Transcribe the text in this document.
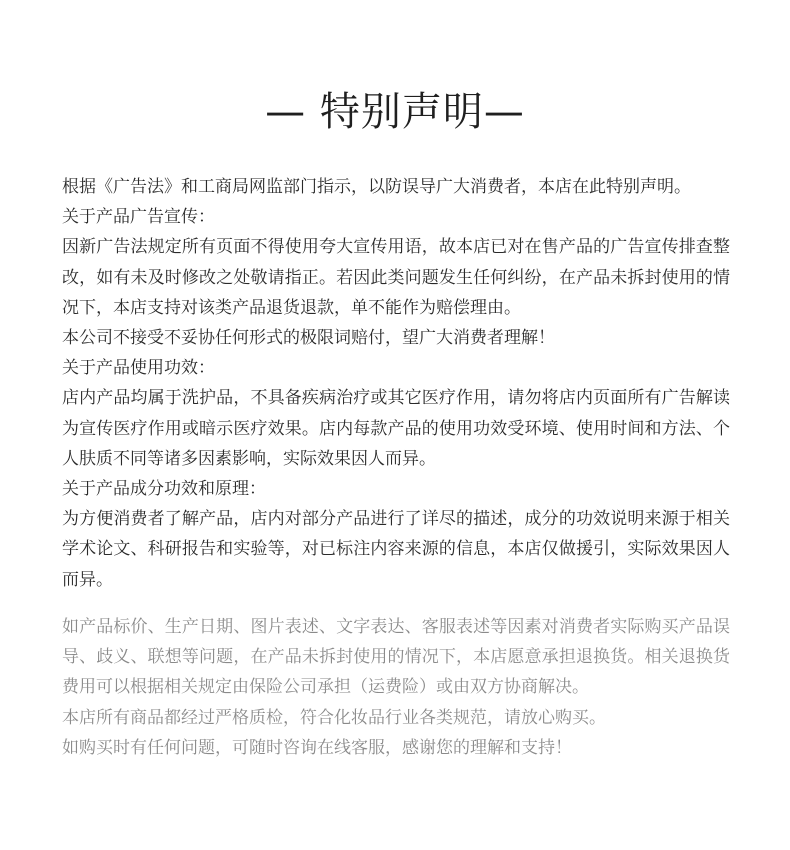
— 特别声明—

根据《广告法》和工商局网监部门指示，以防误导广大消费者，本店在此特别声明。

关于产品广告宣传：

因新广告法规定所有页面不得使用夸大宣传用语，故本店已对在售产品的广告宣传排查整改，如有未及时修改之处敬请指正。若因此类问题发生任何纠纷，在产品未拆封使用的情况下，本店支持对该类产品退货退款，单不能作为赔偿理由。

本公司不接受不妥协任何形式的极限词赔付，望广大消费者理解！

关于产品使用功效：

店内产品均属于洗护品，不具备疾病治疗或其它医疗作用，请勿将店内页面所有广告解读为宣传医疗作用或暗示医疗效果。店内每款产品的使用功效受环境、使用时间和方法、个人肤质不同等诸多因素影响，实际效果因人而异。

关于产品成分功效和原理：

为方便消费者了解产品，店内对部分产品进行了详尽的描述，成分的功效说明来源于相关学术论文、科研报告和实验等，对已标注内容来源的信息，本店仅做援引，实际效果因人而异。

如产品标价、生产日期、图片表述、文字表达、客服表述等因素对消费者实际购买产品误导、歧义、联想等问题，在产品未拆封使用的情况下，本店愿意承担退换货。相关退换货费用可以根据相关规定由保险公司承担（运费险）或由双方协商解决。

本店所有商品都经过严格质检，符合化妆品行业各类规范，请放心购买。

如购买时有任何问题，可随时咨询在线客服，感谢您的理解和支持！
